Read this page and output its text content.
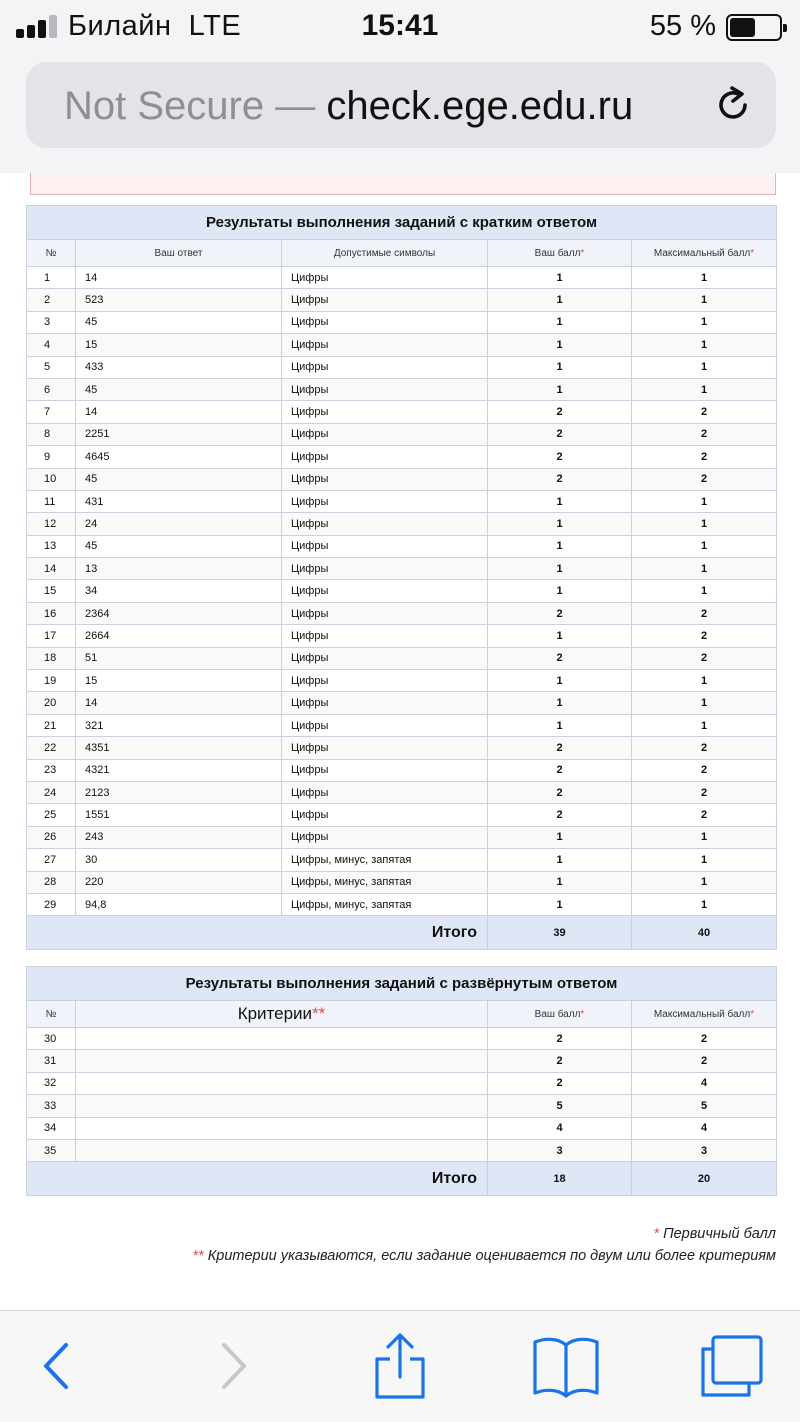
Билайн LTE	15:41	55 %
Not Secure — check.ege.edu.ru
Результаты выполнения заданий с кратким ответом				
№	Ваш ответ	Допустимые символы	Ваш балл*	Максимальный балл*
1	14	Цифры	1	1
2	523	Цифры	1	1
3	45	Цифры	1	1
4	15	Цифры	1	1
5	433	Цифры	1	1
6	45	Цифры	1	1
7	14	Цифры	2	2
8	2251	Цифры	2	2
9	4645	Цифры	2	2
10	45	Цифры	2	2
11	431	Цифры	1	1
12	24	Цифры	1	1
13	45	Цифры	1	1
14	13	Цифры	1	1
15	34	Цифры	1	1
16	2364	Цифры	2	2
17	2664	Цифры	1	2
18	51	Цифры	2	2
19	15	Цифры	1	1
20	14	Цифры	1	1
21	321	Цифры	1	1
22	4351	Цифры	2	2
23	4321	Цифры	2	2
24	2123	Цифры	2	2
25	1551	Цифры	2	2
26	243	Цифры	1	1
27	30	Цифры, минус, запятая	1	1
28	220	Цифры, минус, запятая	1	1
29	94,8	Цифры, минус, запятая	1	1
Итого			39	40
Результаты выполнения заданий с развёрнутым ответом			
№	Критерии**	Ваш балл*	Максимальный балл*
30		2	2
31		2	2
32		2	4
33		5	5
34		4	4
35		3	3
Итого		18	20
* Первичный балл
** Критерии указываются, если задание оценивается по двум или более критериям
